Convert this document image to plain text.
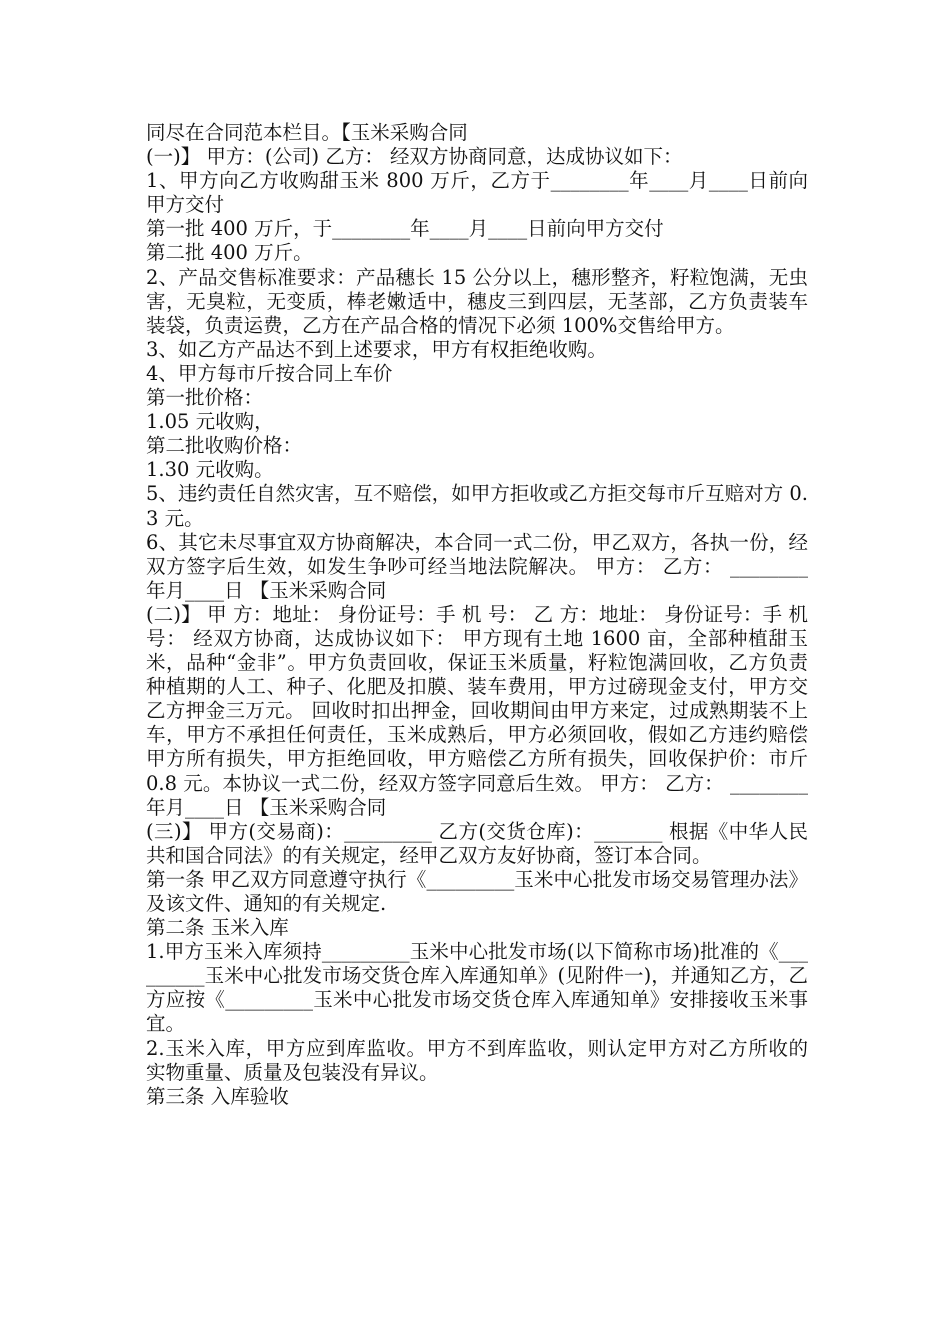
同尽在合同范本栏目。【玉米采购合同

(一)】 甲方：(公司) 乙方： 经双方协商同意，达成协议如下：

1、甲方向乙方收购甜玉米 800 万斤，乙方于________年____月____日前向甲方交付

第一批 400 万斤，于________年____月____日前向甲方交付

第二批 400 万斤。

2、产品交售标准要求：产品穗长 15 公分以上，穗形整齐，籽粒饱满，无虫害，无臭粒，无变质，棒老嫩适中，穗皮三到四层，无茎部，乙方负责装车装袋，负责运费，乙方在产品合格的情况下必须 100%交售给甲方。

3、如乙方产品达不到上述要求，甲方有权拒绝收购。

4、甲方每市斤按合同上车价

第一批价格：

1.05 元收购，

第二批收购价格：

1.30 元收购。

5、违约责任自然灾害，互不赔偿，如甲方拒收或乙方拒交每市斤互赔对方 0.3 元。

6、其它未尽事宜双方协商解决，本合同一式二份，甲乙双方，各执一份，经双方签字后生效，如发生争吵可经当地法院解决。 甲方： 乙方： ________年月____日 【玉米采购合同

(二)】 甲 方：地址： 身份证号：手 机 号： 乙 方：地址： 身份证号：手 机 号： 经双方协商，达成协议如下： 甲方现有土地 1600 亩，全部种植甜玉米，品种“金非”。甲方负责回收，保证玉米质量，籽粒饱满回收，乙方负责种植期的人工、种子、化肥及扣膜、装车费用，甲方过磅现金支付，甲方交乙方押金三万元。 回收时扣出押金，回收期间由甲方来定，过成熟期装不上车，甲方不承担任何责任，玉米成熟后，甲方必须回收，假如乙方违约赔偿甲方所有损失，甲方拒绝回收，甲方赔偿乙方所有损失，回收保护价：市斤 0.8 元。本协议一式二份，经双方签字同意后生效。 甲方： 乙方： ________年月____日 【玉米采购合同

(三)】 甲方(交易商)：_________ 乙方(交货仓库)：_______ 根据《中华人民共和国合同法》的有关规定，经甲乙双方友好协商，签订本合同。

第一条 甲乙双方同意遵守执行《_________玉米中心批发市场交易管理办法》及该文件、通知的有关规定.

第二条 玉米入库

1.甲方玉米入库须持_________玉米中心批发市场(以下简称市场)批准的《_________玉米中心批发市场交货仓库入库通知单》(见附件一)，并通知乙方，乙方应按《_________玉米中心批发市场交货仓库入库通知单》安排接收玉米事宜。

2.玉米入库，甲方应到库监收。甲方不到库监收，则认定甲方对乙方所收的实物重量、质量及包装没有异议。

第三条 入库验收
